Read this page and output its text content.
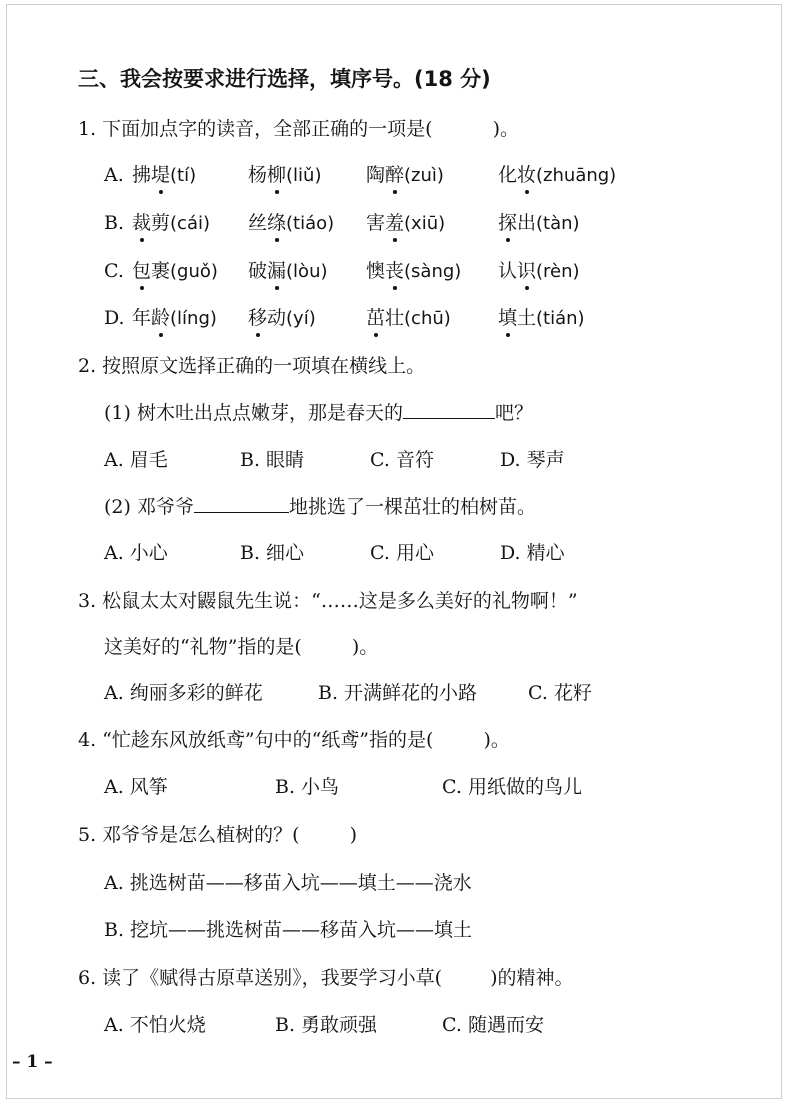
三、我会按要求进行选择，填序号。(18 分)
1. 下面加点字的读音，全部正确的一项是(	)。
A. 拂堤(tí)	杨柳(liǔ) 陶醉(zuì)	化妆(zhuāng)
B. 裁剪(cái) 丝绦(tiáo) 害羞(xiū)	探出(tàn)
C. 包裹(guǒ) 破漏(lòu) 懊丧(sàng) 认识(rèn)
D. 年龄(líng) 移动(yí)	茁壮(chū) 填土(tián)
2. 按照原文选择正确的一项填在横线上。
(1) 树木吐出点点嫩芽，那是春天的	吧？
A. 眉毛	B. 眼睛	C. 音符	D. 琴声
(2) 邓爷爷	地挑选了一棵茁壮的柏树苗。
A. 小心	B. 细心	C. 用心	D. 精心
3. 松鼠太太对鼹鼠先生说：“……这是多么美好的礼物啊！”
这美好的“礼物”指的是(	)。
A. 绚丽多彩的鲜花	B. 开满鲜花的小路	C. 花籽
4. “忙趁东风放纸鸢”句中的“纸鸢”指的是(	)。
A. 风筝	B. 小鸟	C. 用纸做的鸟儿
5. 邓爷爷是怎么植树的？(	)
A. 挑选树苗——移苗入坑——填土——浇水
B. 挖坑——挑选树苗——移苗入坑——填土
6. 读了《赋得古原草送别》，我要学习小草(	)的精神。
A. 不怕火烧	B. 勇敢顽强	C. 随遇而安
– 1 –
